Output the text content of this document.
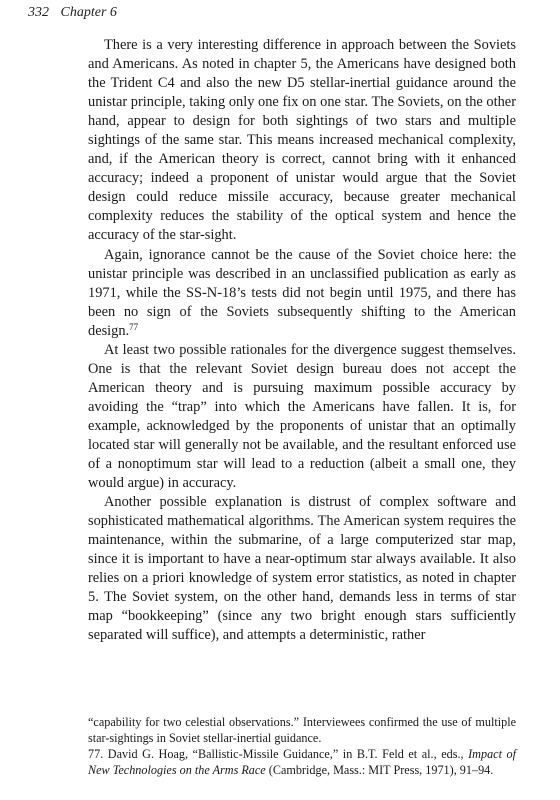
332 Chapter 6

There is a very interesting difference in approach between the Soviets and Americans. As noted in chapter 5, the Americans have designed both the Trident C4 and also the new D5 stellar-inertial guidance around the unistar principle, taking only one fix on one star. The Soviets, on the other hand, appear to design for both sightings of two stars and multiple sightings of the same star. This means increased mechanical complexity, and, if the American theory is correct, cannot bring with it enhanced accuracy; indeed a proponent of unistar would argue that the Soviet design could reduce missile accuracy, because greater mechanical complexity reduces the stability of the optical system and hence the accuracy of the star-sight.

Again, ignorance cannot be the cause of the Soviet choice here: the unistar principle was described in an unclassified publication as early as 1971, while the SS-N-18’s tests did not begin until 1975, and there has been no sign of the Soviets subsequently shifting to the American design.$^{77}$

At least two possible rationales for the divergence suggest themselves. One is that the relevant Soviet design bureau does not accept the American theory and is pursuing maximum possible accuracy by avoiding the “trap” into which the Americans have fallen. It is, for example, acknowledged by the proponents of unistar that an optimally located star will generally not be available, and the resultant enforced use of a nonoptimum star will lead to a reduction (albeit a small one, they would argue) in accuracy.

Another possible explanation is distrust of complex software and sophisticated mathematical algorithms. The American system requires the maintenance, within the submarine, of a large computerized star map, since it is important to have a near-optimum star always available. It also relies on a priori knowledge of system error statistics, as noted in chapter 5. The Soviet system, on the other hand, demands less in terms of star map “bookkeeping” (since any two bright enough stars sufficiently separated will suffice), and attempts a deterministic, rather

“capability for two celestial observations.” Interviewees confirmed the use of multiple star-sightings in Soviet stellar-inertial guidance.

77. David G. Hoag, “Ballistic-Missile Guidance,” in B.T. Feld et al., eds., Impact of New Technologies on the Arms Race (Cambridge, Mass.: MIT Press, 1971), 91–94.
